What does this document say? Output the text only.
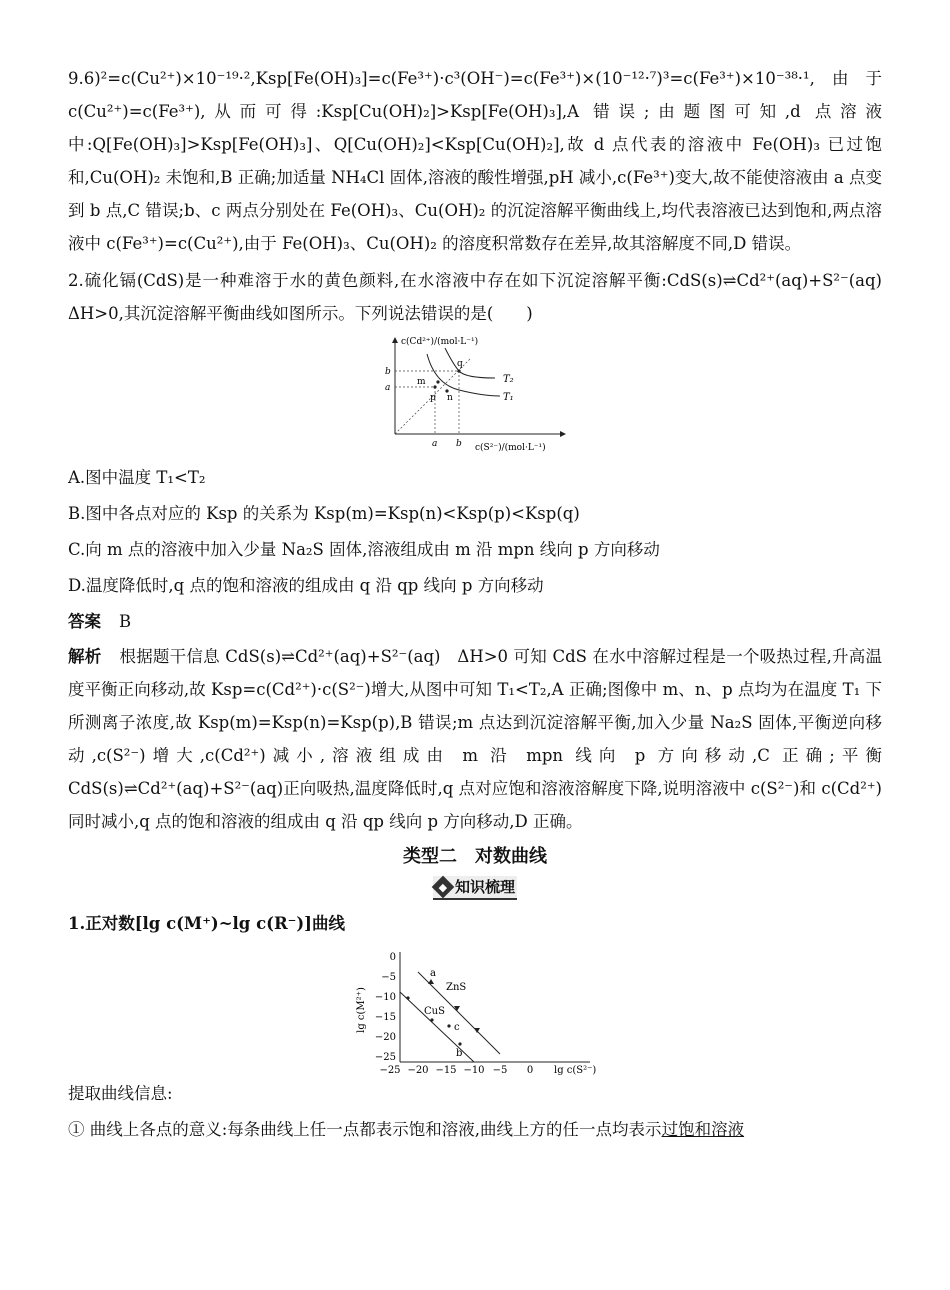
9.6)²=c(Cu²⁺)×10⁻¹⁹·²,Ksp[Fe(OH)₃]=c(Fe³⁺)·c³(OH⁻)=c(Fe³⁺)×(10⁻¹²·⁷)³=c(Fe³⁺)×10⁻³⁸·¹,由于 c(Cu²⁺)=c(Fe³⁺),从而可得:Ksp[Cu(OH)₂]>Ksp[Fe(OH)₃],A 错误;由题图可知,d 点溶液中:Q[Fe(OH)₃]>Ksp[Fe(OH)₃]、Q[Cu(OH)₂]<Ksp[Cu(OH)₂],故 d 点代表的溶液中 Fe(OH)₃ 已过饱和,Cu(OH)₂ 未饱和,B 正确;加适量 NH₄Cl 固体,溶液的酸性增强,pH 减小,c(Fe³⁺)变大,故不能使溶液由 a 点变到 b 点,C 错误;b、c 两点分别处在 Fe(OH)₃、Cu(OH)₂ 的沉淀溶解平衡曲线上,均代表溶液已达到饱和,两点溶液中 c(Fe³⁺)=c(Cu²⁺),由于 Fe(OH)₃、Cu(OH)₂ 的溶度积常数存在差异,故其溶解度不同,D 错误。

2.硫化镉(CdS)是一种难溶于水的黄色颜料,在水溶液中存在如下沉淀溶解平衡:CdS(s)⇌Cd²⁺(aq)+S²⁻(aq)　ΔH>0,其沉淀溶解平衡曲线如图所示。下列说法错误的是(　　)

c(Cd²⁺)/(mol·L⁻¹)
c(S²⁻)/(mol·L⁻¹)
b
a
a b
q
m
p n
T₂
T₁

A.图中温度 T₁<T₂

B.图中各点对应的 Ksp 的关系为 Ksp(m)=Ksp(n)<Ksp(p)<Ksp(q)

C.向 m 点的溶液中加入少量 Na₂S 固体,溶液组成由 m 沿 mpn 线向 p 方向移动

D.温度降低时,q 点的饱和溶液的组成由 q 沿 qp 线向 p 方向移动

答案 B

解析 根据题干信息 CdS(s)⇌Cd²⁺(aq)+S²⁻(aq)　ΔH>0 可知 CdS 在水中溶解过程是一个吸热过程,升高温度平衡正向移动,故 Ksp=c(Cd²⁺)·c(S²⁻)增大,从图中可知 T₁<T₂,A 正确;图像中 m、n、p 点均为在温度 T₁ 下所测离子浓度,故 Ksp(m)=Ksp(n)=Ksp(p),B 错误;m 点达到沉淀溶解平衡,加入少量 Na₂S 固体,平衡逆向移动,c(S²⁻)增大,c(Cd²⁺)减小,溶液组成由 m 沿 mpn 线向 p 方向移动,C 正确;平衡 CdS(s)⇌Cd²⁺(aq)+S²⁻(aq)正向吸热,温度降低时,q 点对应饱和溶液溶解度下降,说明溶液中 c(S²⁻)和 c(Cd²⁺)同时减小,q 点的饱和溶液的组成由 q 沿 qp 线向 p 方向移动,D 正确。

类型二　对数曲线
◆ 知识梳理

1.正对数[lg c(M⁺)~lg c(R⁻)]曲线

lg c(M²⁺)
lg c(S²⁻)
0
−5
−10
−15
−20
−25
−25 −20 −15 −10 −5 0
a
ZnS
CuS
c
b

提取曲线信息:

① 曲线上各点的意义:每条曲线上任一点都表示饱和溶液,曲线上方的任一点均表示过饱和溶液
